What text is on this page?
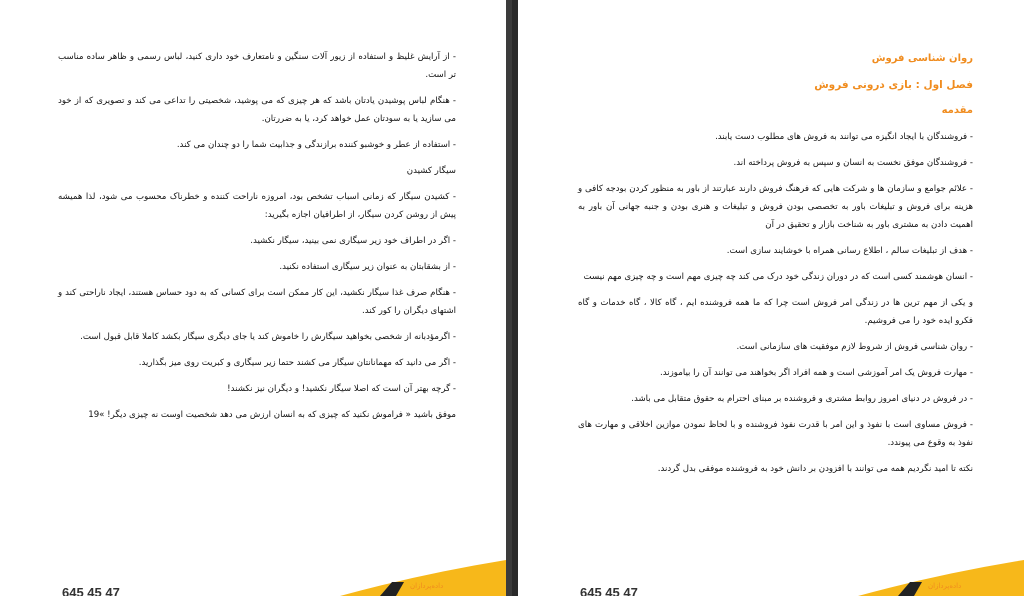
- از آرایش غلیظ و استفاده از زیور آلات سنگین و نامتعارف خود داری کنید، لباس رسمی و ظاهر ساده مناسب تر است.

- هنگام لباس پوشیدن یادتان باشد که هر چیزی که می پوشید، شخصیتی را تداعی می کند و تصویری که از خود می سازید یا به سودتان عمل خواهد کرد، یا به ضررتان.

- استفاده از عطر و خوشبو کننده برازندگی و جذابیت شما را دو چندان می کند.

سیگار کشیدن

- کشیدن سیگار که زمانی اسباب تشخص بود، امروزه ناراحت کننده و خطرناک محسوب می شود، لذا همیشه پیش از روشن کردن سیگار، از اطرافیان اجازه بگیرید:

- اگر در اطراف خود زیر سیگاری نمی بینید، سیگار نکشید.

- از بشقابتان به عنوان زیر سیگاری استفاده نکنید.

- هنگام صرف غذا سیگار نکشید، این کار ممکن است برای کسانی که به دود حساس هستند، ایجاد ناراحتی کند و اشتهای دیگران را کور کند.

- اگرمؤدبانه از شخصی بخواهید سیگارش را خاموش کند یا جای دیگری سیگار بکشد کاملا قابل قبول است.

- اگر می دانید که مهمانانتان سیگار می کشند حتما زیر سیگاری و کبریت روی میز بگذارید.

- گرچه بهتر آن است که اصلا سیگار نکشید! و دیگران نیز نکشند!

موفق باشید « فراموش نکنید که چیزی که به انسان ارزش می دهد شخصیت اوست نه چیزی دیگر! »19

645 45 47	داده‌پردازان

روان شناسی فروش

فصل اول : بازی درونی فروش

مقدمه

- فروشندگان با ایجاد انگیزه می توانند به فروش های مطلوب دست یابند.

- فروشندگان موفق نخست به انسان و سپس به فروش پرداخته اند.

- علائم جوامع و سازمان ها و شرکت هایی که فرهنگ فروش دارند عبارتند از باور به منظور کردن بودجه کافی و هزینه برای فروش و تبلیغات باور به تخصصی بودن فروش و تبلیغات و هنری بودن و جنبه جهانی آن باور به اهمیت دادن به مشتری باور به شناخت بازار و تحقیق در آن

- هدف از تبلیغات سالم ، اطلاع رسانی همراه با خوشایند سازی است.

- انسان هوشمند کسی است که در دوران زندگی خود درک می کند چه چیزی مهم است و چه چیزی مهم نیست

و یکی از مهم ترین ها در زندگی امر فروش است چرا که ما همه فروشنده ایم ، گاه کالا ، گاه خدمات و گاه فکرو ایده خود را می فروشیم.

- روان شناسی فروش از شروط لازم موفقیت های سازمانی است.

- مهارت فروش یک امر آموزشی است و همه افراد اگر بخواهند می توانند آن را بیاموزند.

- در فروش در دنیای امروز روابط مشتری و فروشنده بر مبنای احترام به حقوق متقابل می باشد.

- فروش مساوی است با نفوذ و این امر با قدرت نفوذ فروشنده و با لحاظ نمودن موازین اخلاقی و مهارت های نفوذ به وقوع می پیوندد.

نکته تا امید نگردیم همه می توانند با افزودن بر دانش خود به فروشنده موفقی بدل گردند.

645 45 47	داده‌پردازان
